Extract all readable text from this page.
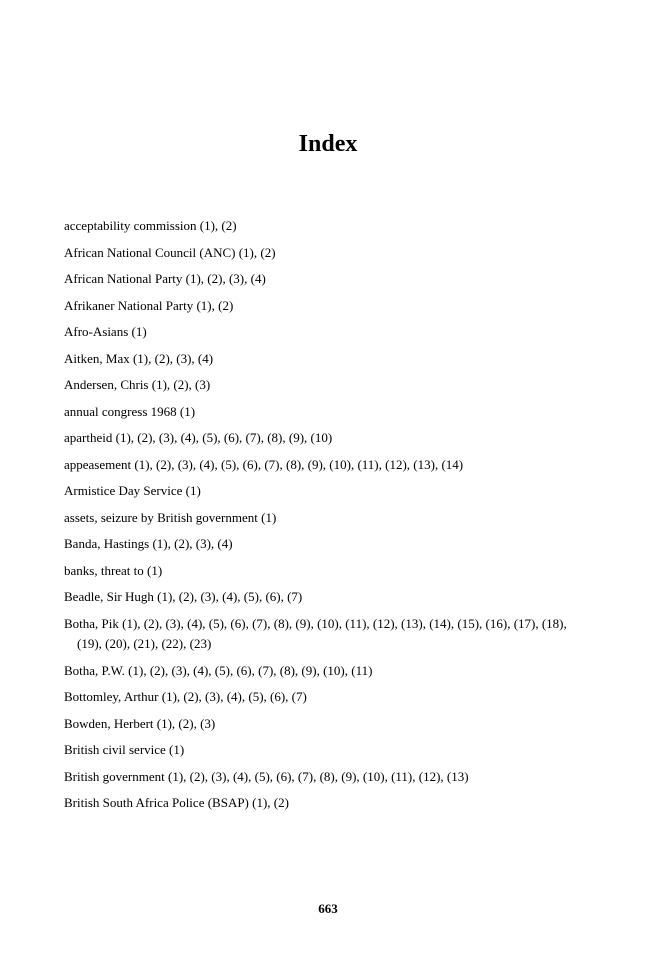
Index
acceptability commission (1), (2)
African National Council (ANC) (1), (2)
African National Party (1), (2), (3), (4)
Afrikaner National Party (1), (2)
Afro-Asians (1)
Aitken, Max (1), (2), (3), (4)
Andersen, Chris (1), (2), (3)
annual congress 1968 (1)
apartheid (1), (2), (3), (4), (5), (6), (7), (8), (9), (10)
appeasement (1), (2), (3), (4), (5), (6), (7), (8), (9), (10), (11), (12), (13), (14)
Armistice Day Service (1)
assets, seizure by British government (1)
Banda, Hastings (1), (2), (3), (4)
banks, threat to (1)
Beadle, Sir Hugh (1), (2), (3), (4), (5), (6), (7)
Botha, Pik (1), (2), (3), (4), (5), (6), (7), (8), (9), (10), (11), (12), (13), (14), (15), (16), (17), (18), (19), (20), (21), (22), (23)
Botha, P.W. (1), (2), (3), (4), (5), (6), (7), (8), (9), (10), (11)
Bottomley, Arthur (1), (2), (3), (4), (5), (6), (7)
Bowden, Herbert (1), (2), (3)
British civil service (1)
British government (1), (2), (3), (4), (5), (6), (7), (8), (9), (10), (11), (12), (13)
British South Africa Police (BSAP) (1), (2)
663
